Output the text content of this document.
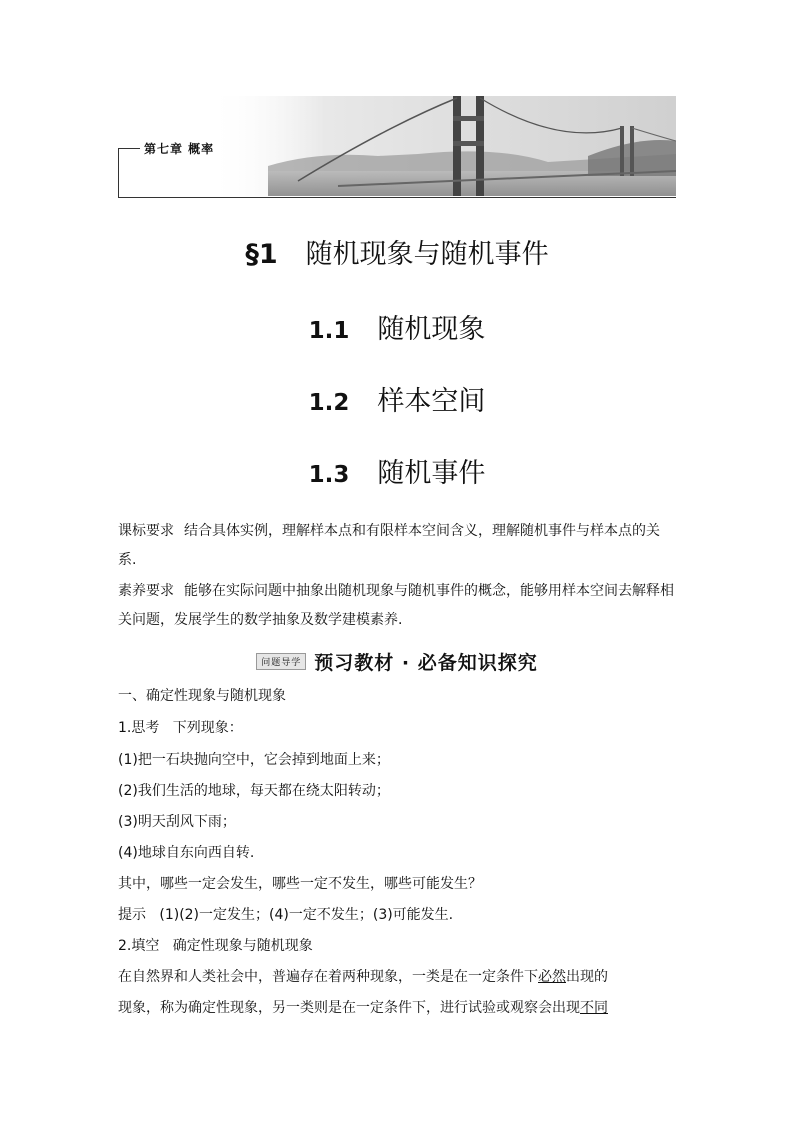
第七章 概率
§1 随机现象与随机事件
1.1 随机现象
1.2 样本空间
1.3 随机事件
课标要求 结合具体实例，理解样本点和有限样本空间含义，理解随机事件与样本点的关系.
素养要求 能够在实际问题中抽象出随机现象与随机事件的概念，能够用样本空间去解释相关问题，发展学生的数学抽象及数学建模素养.
问题导学 预习教材 · 必备知识探究
一、确定性现象与随机现象
1.思考 下列现象：
(1)把一石块抛向空中，它会掉到地面上来；
(2)我们生活的地球，每天都在绕太阳转动；
(3)明天刮风下雨；
(4)地球自东向西自转.
其中，哪些一定会发生，哪些一定不发生，哪些可能发生？
提示 (1)(2)一定发生；(4)一定不发生；(3)可能发生.
2.填空 确定性现象与随机现象
在自然界和人类社会中，普遍存在着两种现象，一类是在一定条件下必然出现的
现象，称为确定性现象，另一类则是在一定条件下，进行试验或观察会出现不同
